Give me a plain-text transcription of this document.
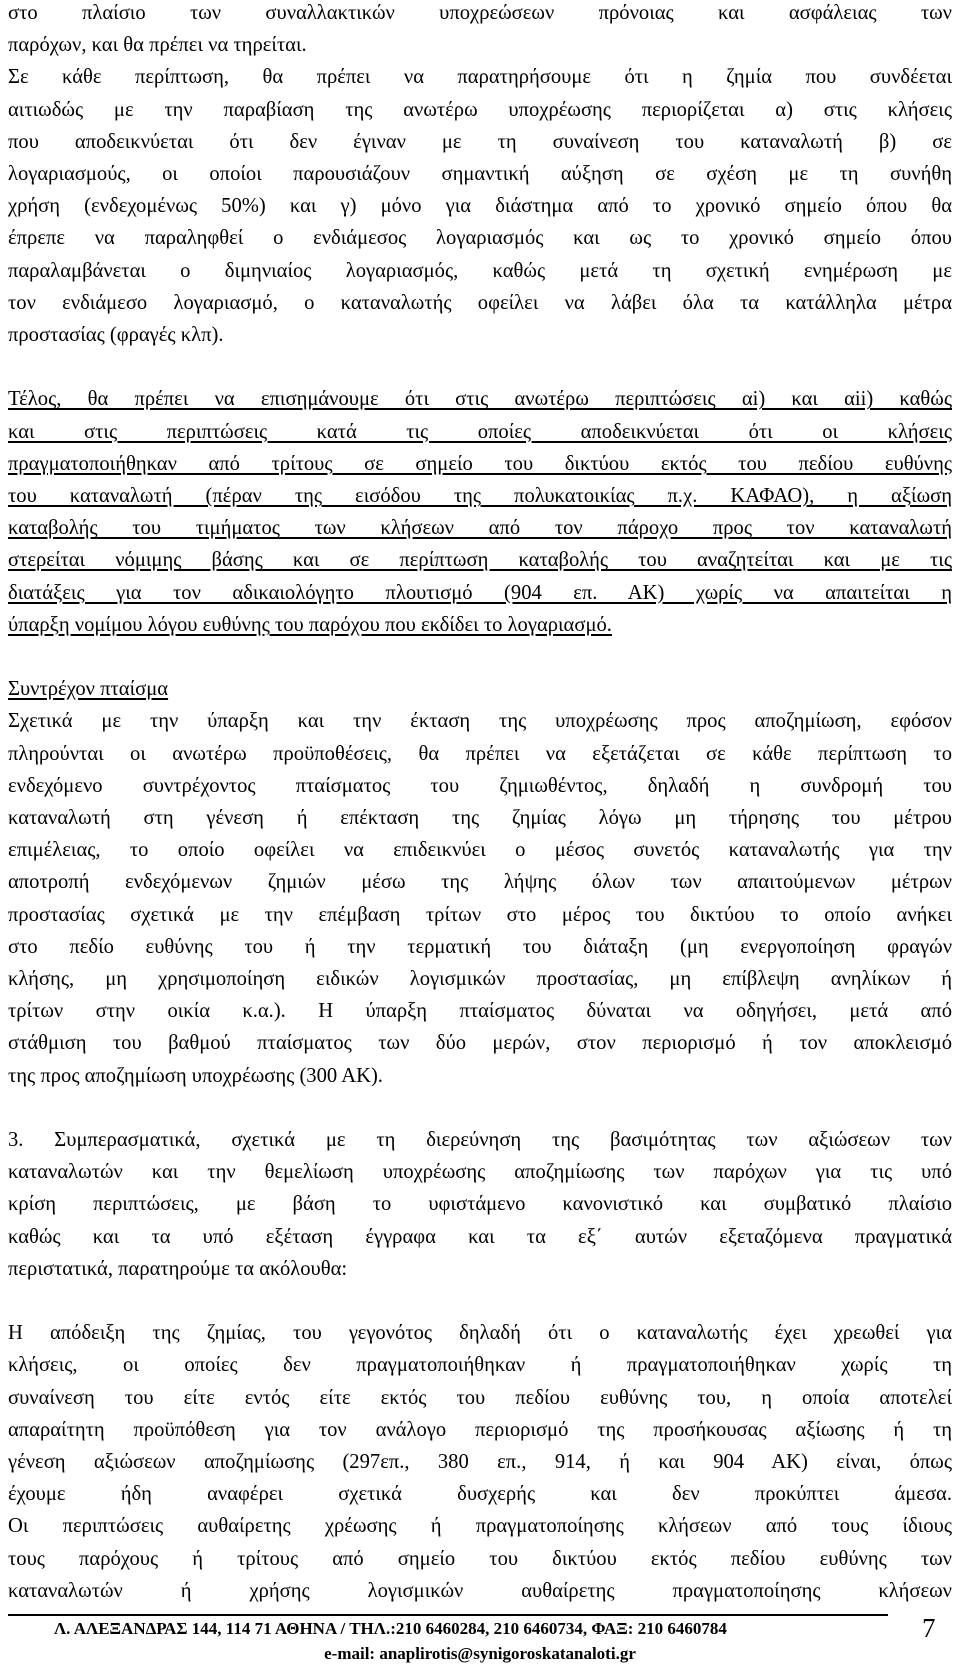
στο πλαίσιο των συναλλακτικών υποχρεώσεων πρόνοιας και ασφάλειας των
παρόχων, και θα πρέπει να τηρείται.
Σε κάθε περίπτωση, θα πρέπει να παρατηρήσουμε ότι η ζημία που συνδέεται
αιτιωδώς με την παραβίαση της ανωτέρω υποχρέωσης περιορίζεται α) στις κλήσεις
που αποδεικνύεται ότι δεν έγιναν με τη συναίνεση του καταναλωτή β) σε
λογαριασμούς, οι οποίοι παρουσιάζουν σημαντική αύξηση σε σχέση με τη συνήθη
χρήση (ενδεχομένως 50%) και γ) μόνο για διάστημα από το χρονικό σημείο όπου θα
έπρεπε να παραληφθεί ο ενδιάμεσος λογαριασμός και ως το χρονικό σημείο όπου
παραλαμβάνεται ο διμηνιαίος λογαριασμός, καθώς μετά τη σχετική ενημέρωση με
τον ενδιάμεσο λογαριασμό, ο καταναλωτής οφείλει να λάβει όλα τα κατάλληλα μέτρα
προστασίας (φραγές κλπ).
Τέλος, θα πρέπει να επισημάνουμε ότι στις ανωτέρω περιπτώσεις αi) και αii) καθώς
και στις περιπτώσεις κατά τις οποίες αποδεικνύεται ότι οι κλήσεις
πραγματοποιήθηκαν από τρίτους σε σημείο του δικτύου εκτός του πεδίου ευθύνης
του καταναλωτή (πέραν της εισόδου της πολυκατοικίας π.χ. ΚΑΦΑΟ), η αξίωση
καταβολής του τιμήματος των κλήσεων από τον πάροχο προς τον καταναλωτή
στερείται νόμιμης βάσης και σε περίπτωση καταβολής του αναζητείται και με τις
διατάξεις για τον αδικαιολόγητο πλουτισμό (904 επ. ΑΚ) χωρίς να απαιτείται η
ύπαρξη νομίμου λόγου ευθύνης του παρόχου που εκδίδει το λογαριασμό.
Συντρέχον πταίσμα
Σχετικά με την ύπαρξη και την έκταση της υποχρέωσης προς αποζημίωση, εφόσον
πληρούνται οι ανωτέρω προϋποθέσεις, θα πρέπει να εξετάζεται σε κάθε περίπτωση το
ενδεχόμενο συντρέχοντος πταίσματος του ζημιωθέντος, δηλαδή η συνδρομή του
καταναλωτή στη γένεση ή επέκταση της ζημίας λόγω μη τήρησης του μέτρου
επιμέλειας, το οποίο οφείλει να επιδεικνύει ο μέσος συνετός καταναλωτής για την
αποτροπή ενδεχόμενων ζημιών μέσω της λήψης όλων των απαιτούμενων μέτρων
προστασίας σχετικά με την επέμβαση τρίτων στο μέρος του δικτύου το οποίο ανήκει
στο πεδίο ευθύνης του ή την τερματική του διάταξη (μη ενεργοποίηση φραγών
κλήσης, μη χρησιμοποίηση ειδικών λογισμικών προστασίας, μη επίβλεψη ανηλίκων ή
τρίτων στην οικία κ.α.). Η ύπαρξη πταίσματος δύναται να οδηγήσει, μετά από
στάθμιση του βαθμού πταίσματος των δύο μερών, στον περιορισμό ή τον αποκλεισμό
της προς αποζημίωση υποχρέωσης (300 ΑΚ).
3. Συμπερασματικά, σχετικά με τη διερεύνηση της βασιμότητας των αξιώσεων των
καταναλωτών και την θεμελίωση υποχρέωσης αποζημίωσης των παρόχων για τις υπό
κρίση περιπτώσεις, με βάση το υφιστάμενο κανονιστικό και συμβατικό πλαίσιο
καθώς και τα υπό εξέταση έγγραφα και τα εξ΄ αυτών εξεταζόμενα πραγματικά
περιστατικά, παρατηρούμε τα ακόλουθα:
Η απόδειξη της ζημίας, του γεγονότος δηλαδή ότι ο καταναλωτής έχει χρεωθεί για
κλήσεις, οι οποίες δεν πραγματοποιήθηκαν ή πραγματοποιήθηκαν χωρίς τη
συναίνεση του είτε εντός είτε εκτός του πεδίου ευθύνης του, η οποία αποτελεί
απαραίτητη προϋπόθεση για τον ανάλογο περιορισμό της προσήκουσας αξίωσης ή τη
γένεση αξιώσεων αποζημίωσης (297επ., 380 επ., 914, ή και 904 ΑΚ) είναι, όπως
έχουμε ήδη αναφέρει σχετικά δυσχερής και δεν προκύπτει άμεσα.
Οι περιπτώσεις αυθαίρετης χρέωσης ή πραγματοποίησης κλήσεων από τους ίδιους
τους παρόχους ή τρίτους από σημείο του δικτύου εκτός πεδίου ευθύνης των
καταναλωτών ή χρήσης λογισμικών αυθαίρετης πραγματοποίησης κλήσεων
Λ. ΑΛΕΞΑΝΔΡΑΣ 144, 114 71 ΑΘΗΝΑ / ΤΗΛ.:210 6460284, 210 6460734, ΦΑΞ: 210 6460784	7
e-mail: anaplirotis@synigoroskatanaloti.gr
